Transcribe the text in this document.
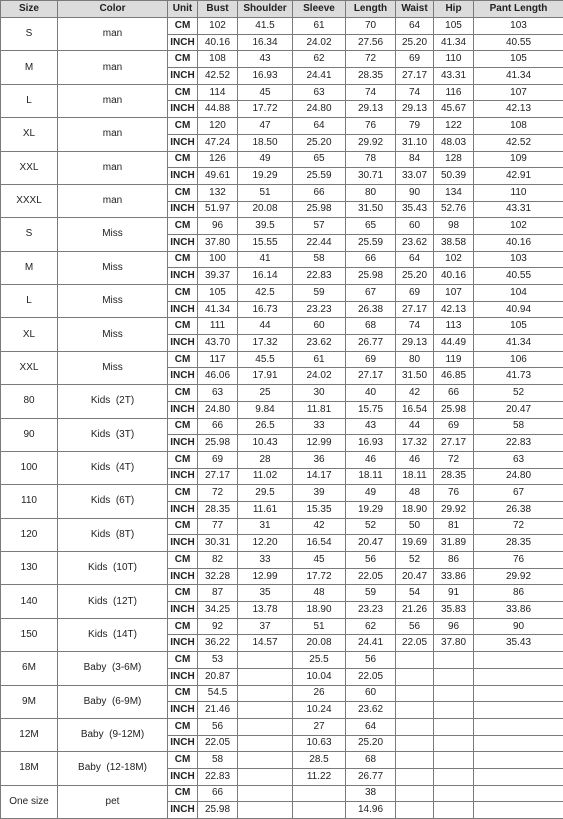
Size	Color	Unit	Bust	Shoulder	Sleeve	Length	Waist	Hip	Pant Length
S	man	CM	102	41.5	61	70	64	105	103
		INCH	40.16	16.34	24.02	27.56	25.20	41.34	40.55
M	man	CM	108	43	62	72	69	110	105
		INCH	42.52	16.93	24.41	28.35	27.17	43.31	41.34
L	man	CM	114	45	63	74	74	116	107
		INCH	44.88	17.72	24.80	29.13	29.13	45.67	42.13
XL	man	CM	120	47	64	76	79	122	108
		INCH	47.24	18.50	25.20	29.92	31.10	48.03	42.52
XXL	man	CM	126	49	65	78	84	128	109
		INCH	49.61	19.29	25.59	30.71	33.07	50.39	42.91
XXXL	man	CM	132	51	66	80	90	134	110
		INCH	51.97	20.08	25.98	31.50	35.43	52.76	43.31
S	Miss	CM	96	39.5	57	65	60	98	102
		INCH	37.80	15.55	22.44	25.59	23.62	38.58	40.16
M	Miss	CM	100	41	58	66	64	102	103
		INCH	39.37	16.14	22.83	25.98	25.20	40.16	40.55
L	Miss	CM	105	42.5	59	67	69	107	104
		INCH	41.34	16.73	23.23	26.38	27.17	42.13	40.94
XL	Miss	CM	111	44	60	68	74	113	105
		INCH	43.70	17.32	23.62	26.77	29.13	44.49	41.34
XXL	Miss	CM	117	45.5	61	69	80	119	106
		INCH	46.06	17.91	24.02	27.17	31.50	46.85	41.73
80	Kids  (2T)	CM	63	25	30	40	42	66	52
		INCH	24.80	9.84	11.81	15.75	16.54	25.98	20.47
90	Kids  (3T)	CM	66	26.5	33	43	44	69	58
		INCH	25.98	10.43	12.99	16.93	17.32	27.17	22.83
100	Kids  (4T)	CM	69	28	36	46	46	72	63
		INCH	27.17	11.02	14.17	18.11	18.11	28.35	24.80
110	Kids  (6T)	CM	72	29.5	39	49	48	76	67
		INCH	28.35	11.61	15.35	19.29	18.90	29.92	26.38
120	Kids  (8T)	CM	77	31	42	52	50	81	72
		INCH	30.31	12.20	16.54	20.47	19.69	31.89	28.35
130	Kids  (10T)	CM	82	33	45	56	52	86	76
		INCH	32.28	12.99	17.72	22.05	20.47	33.86	29.92
140	Kids  (12T)	CM	87	35	48	59	54	91	86
		INCH	34.25	13.78	18.90	23.23	21.26	35.83	33.86
150	Kids  (14T)	CM	92	37	51	62	56	96	90
		INCH	36.22	14.57	20.08	24.41	22.05	37.80	35.43
6M	Baby  (3-6M)	CM	53		25.5	56			
		INCH	20.87		10.04	22.05			
9M	Baby  (6-9M)	CM	54.5		26	60			
		INCH	21.46		10.24	23.62			
12M	Baby  (9-12M)	CM	56		27	64			
		INCH	22.05		10.63	25.20			
18M	Baby  (12-18M)	CM	58		28.5	68			
		INCH	22.83		11.22	26.77			
One size	pet	CM	66			38			
		INCH	25.98			14.96			
